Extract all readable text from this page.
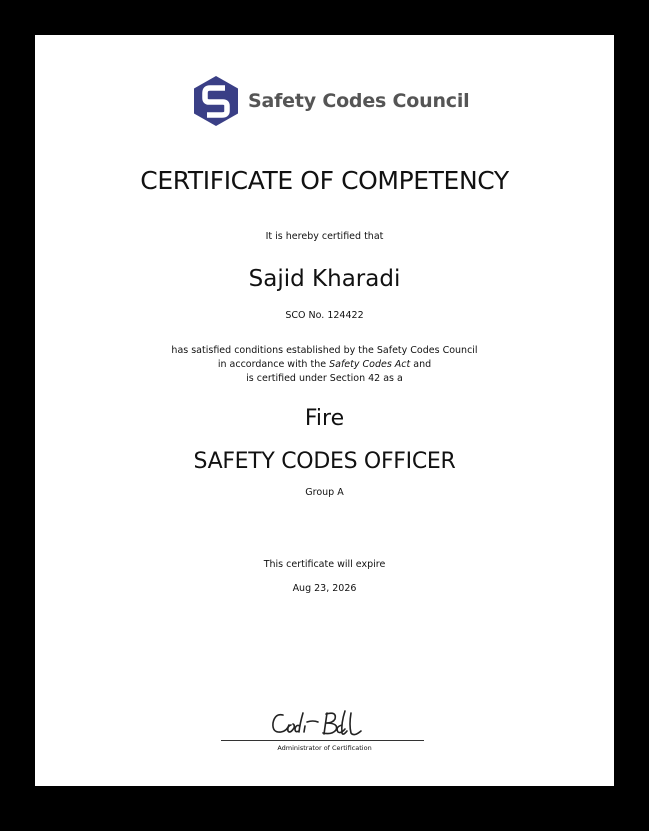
Safety Codes Council
CERTIFICATE OF COMPETENCY
It is hereby certified that
Sajid Kharadi
SCO No. 124422
has satisfied conditions established by the Safety Codes Council
in accordance with the Safety Codes Act and
is certified under Section 42 as a
Fire
SAFETY CODES OFFICER
Group A
This certificate will expire
Aug 23, 2026
Administrator of Certification
